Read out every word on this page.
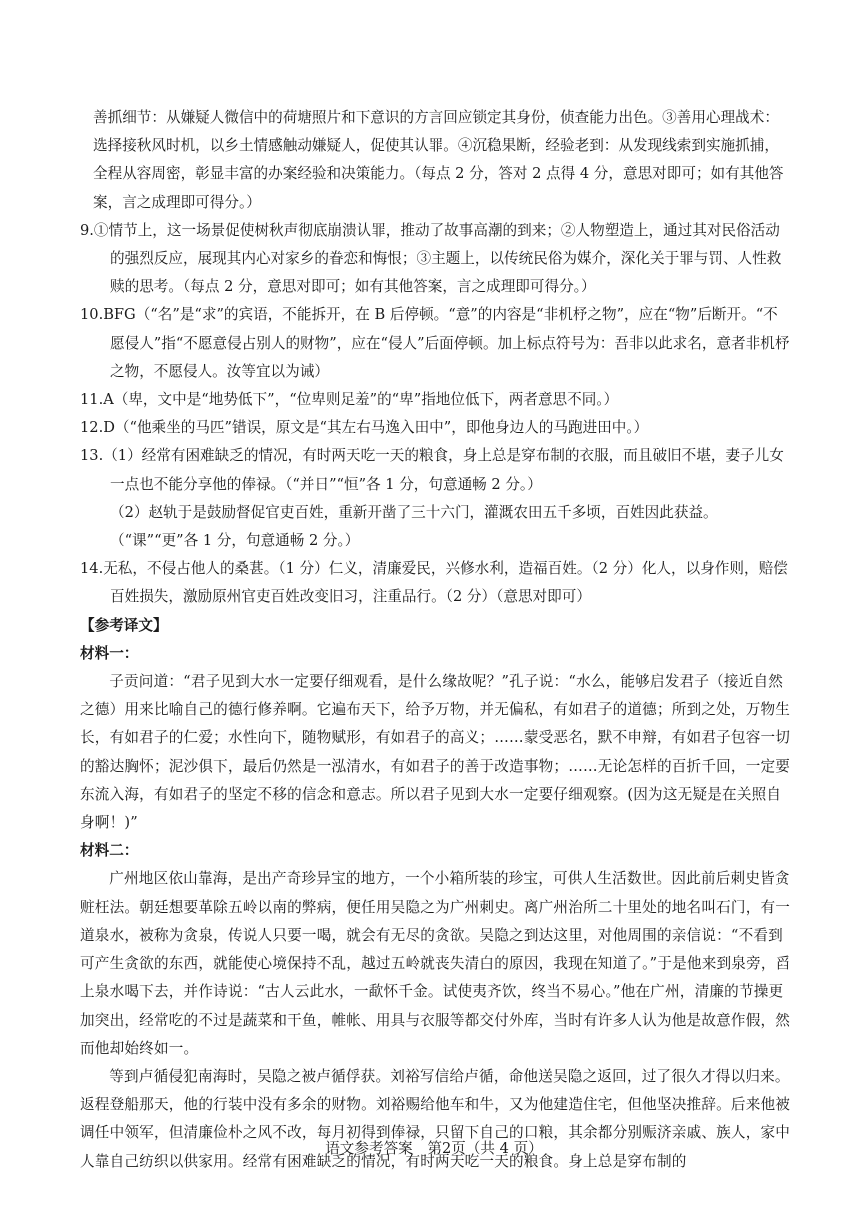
善抓细节：从嫌疑人微信中的荷塘照片和下意识的方言回应锁定其身份，侦查能力出色。③善用心理战术：选择接秋风时机，以乡土情感触动嫌疑人，促使其认罪。④沉稳果断，经验老到：从发现线索到实施抓捕，全程从容周密，彰显丰富的办案经验和决策能力。（每点 2 分，答对 2 点得 4 分，意思对即可；如有其他答案，言之成理即可得分。）

9.①情节上，这一场景促使树秋声彻底崩溃认罪，推动了故事高潮的到来；②人物塑造上，通过其对民俗活动的强烈反应，展现其内心对家乡的眷恋和悔恨；③主题上，以传统民俗为媒介，深化关于罪与罚、人性救赎的思考。（每点 2 分，意思对即可；如有其他答案，言之成理即可得分。）

10.BFG（“名”是“求”的宾语，不能拆开，在 B 后停顿。“意”的内容是“非机杼之物”，应在“物”后断开。“不愿侵人”指“不愿意侵占别人的财物”，应在“侵人”后面停顿。加上标点符号为：吾非以此求名，意者非机杼之物，不愿侵人。汝等宜以为诫）

11.A（卑，文中是“地势低下”，“位卑则足羞”的“卑”指地位低下，两者意思不同。）

12.D（“他乘坐的马匹”错误，原文是“其左右马逸入田中”，即他身边人的马跑进田中。）

13.（1）经常有困难缺乏的情况，有时两天吃一天的粮食，身上总是穿布制的衣服，而且破旧不堪，妻子儿女一点也不能分享他的俸禄。（“并日”“恒”各 1 分，句意通畅 2 分。）

（2）赵轨于是鼓励督促官吏百姓，重新开凿了三十六门，灌溉农田五千多顷，百姓因此获益。（“课”“更”各 1 分，句意通畅 2 分。）

14.无私，不侵占他人的桑葚。（1 分）仁义，清廉爱民，兴修水利，造福百姓。（2 分）化人，以身作则，赔偿百姓损失，激励原州官吏百姓改变旧习，注重品行。（2 分）（意思对即可）

【参考译文】

材料一：

子贡问道：“君子见到大水一定要仔细观看，是什么缘故呢？”孔子说：“水么，能够启发君子（接近自然之德）用来比喻自己的德行修养啊。它遍布天下，给予万物，并无偏私，有如君子的道德；所到之处，万物生长，有如君子的仁爱；水性向下，随物赋形，有如君子的高义；……蒙受恶名，默不申辩，有如君子包容一切的豁达胸怀；泥沙俱下，最后仍然是一泓清水，有如君子的善于改造事物；……无论怎样的百折千回，一定要东流入海，有如君子的坚定不移的信念和意志。所以君子见到大水一定要仔细观察。(因为这无疑是在关照自身啊！)”

材料二：

广州地区依山靠海，是出产奇珍异宝的地方，一个小箱所装的珍宝，可供人生活数世。因此前后刺史皆贪赃枉法。朝廷想要革除五岭以南的弊病，便任用吴隐之为广州刺史。离广州治所二十里处的地名叫石门，有一道泉水，被称为贪泉，传说人只要一喝，就会有无尽的贪欲。吴隐之到达这里，对他周围的亲信说：“不看到可产生贪欲的东西，就能使心境保持不乱，越过五岭就丧失清白的原因，我现在知道了。”于是他来到泉旁，舀上泉水喝下去，并作诗说：“古人云此水，一歃怀千金。试使夷齐饮，终当不易心。”他在广州，清廉的节操更加突出，经常吃的不过是蔬菜和干鱼，帷帐、用具与衣服等都交付外库，当时有许多人认为他是故意作假，然而他却始终如一。

等到卢循侵犯南海时，吴隐之被卢循俘获。刘裕写信给卢循，命他送吴隐之返回，过了很久才得以归来。返程登船那天，他的行装中没有多余的财物。刘裕赐给他车和牛，又为他建造住宅，但他坚决推辞。后来他被调任中领军，但清廉俭朴之风不改，每月初得到俸禄，只留下自己的口粮，其余都分别赈济亲戚、族人，家中人靠自己纺织以供家用。经常有困难缺乏的情况，有时两天吃一天的粮食。身上总是穿布制的

语文参考答案　第2页（共 4 页）
